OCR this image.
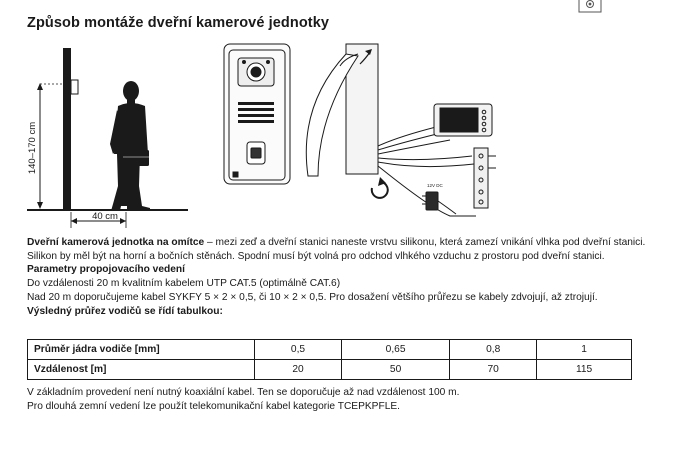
Způsob montáže dveřní kamerové jednotky
140–170 cm
40 cm
12V DC

Dveřní kamerová jednotka na omítce – mezi zeď a dveřní stanici naneste vrstvu silikonu, která zamezí vnikání vlhka pod dveřní stanici. Silikon by měl být na horní a bočních stěnách. Spodní musí být volná pro odchod vlhkého vzduchu z prostoru pod dveřní stanici.

Parametry propojovacího vedení

Do vzdálenosti 20 m kvalitním kabelem UTP CAT.5 (optimálně CAT.6)

Nad 20 m doporučujeme kabel SYKFY 5 × 2 × 0,5, či 10 × 2 × 0,5. Pro dosažení většího průřezu se kabely zdvojují, až ztrojují.

Výsledný průřez vodičů se řídí tabulkou:

Průměr jádra vodiče [mm]	0,5	0,65	0,8	1
Vzdálenost [m]	20	50	70	115

V základním provedení není nutný koaxiální kabel. Ten se doporučuje až nad vzdálenost 100 m.

Pro dlouhá zemní vedení lze použít telekomunikační kabel kategorie TCEPKPFLE.
